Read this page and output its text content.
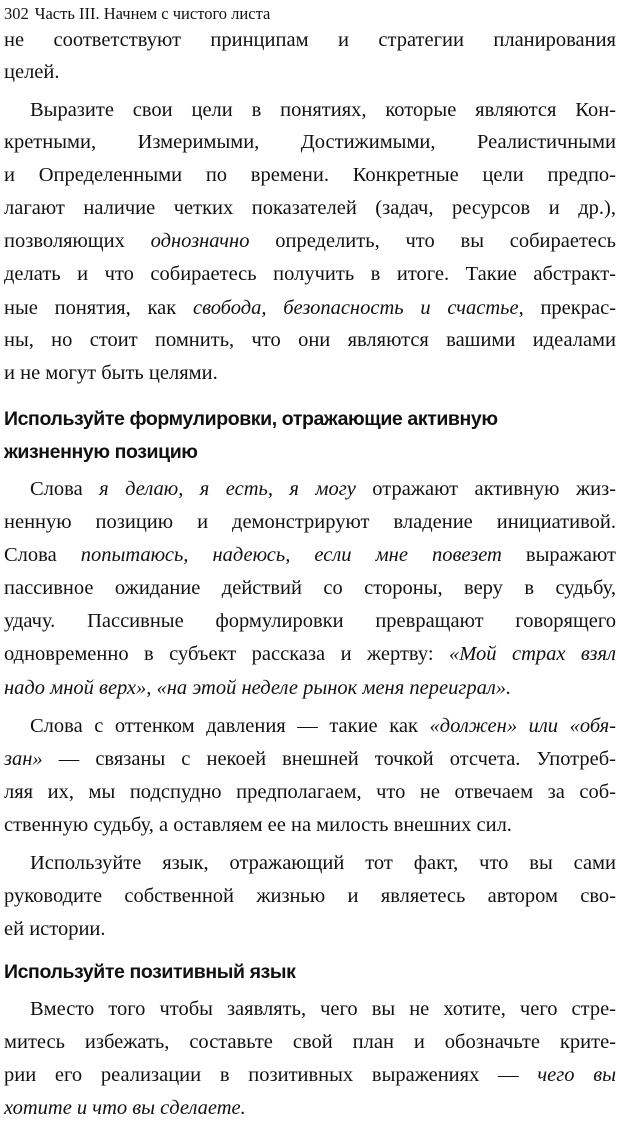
302 Часть III. Начнем с чистого листа
не соответствуют принципам и стратегии планирования
целей.
Выразите свои цели в понятиях, которые являются Кон-
кретными, Измеримыми, Достижимыми, Реалистичными
и Определенными по времени. Конкретные цели предпо-
лагают наличие четких показателей (задач, ресурсов и др.),
позволяющих однозначно определить, что вы собираетесь
делать и что собираетесь получить в итоге. Такие абстракт-
ные понятия, как свобода, безопасность и счастье, прекрас-
ны, но стоит помнить, что они являются вашими идеалами
и не могут быть целями.
Используйте формулировки, отражающие активную
жизненную позицию
Слова я делаю, я есть, я могу отражают активную жиз-
ненную позицию и демонстрируют владение инициативой.
Слова попытаюсь, надеюсь, если мне повезет выражают
пассивное ожидание действий со стороны, веру в судьбу,
удачу. Пассивные формулировки превращают говорящего
одновременно в субъект рассказа и жертву: «Мой страх взял
надо мной верх», «на этой неделе рынок меня переиграл».
Слова с оттенком давления — такие как «должен» или «обя-
зан» — связаны с некоей внешней точкой отсчета. Употреб-
ляя их, мы подспудно предполагаем, что не отвечаем за соб-
ственную судьбу, а оставляем ее на милость внешних сил.
Используйте язык, отражающий тот факт, что вы сами
руководите собственной жизнью и являетесь автором сво-
ей истории.
Используйте позитивный язык
Вместо того чтобы заявлять, чего вы не хотите, чего стре-
митесь избежать, составьте свой план и обозначьте крите-
рии его реализации в позитивных выражениях — чего вы
хотите и что вы сделаете.
